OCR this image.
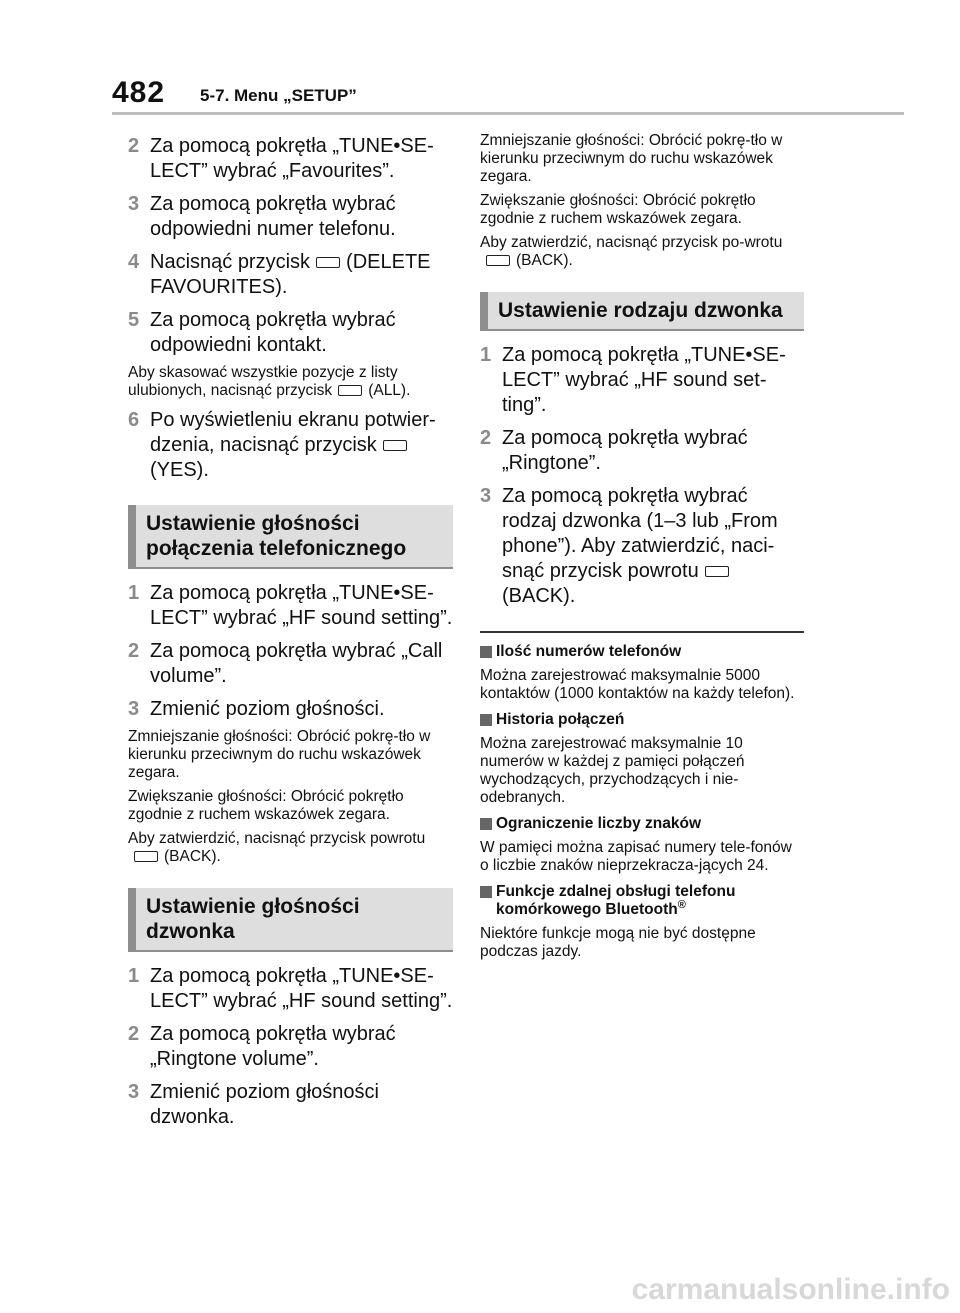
482 5-7. Menu „SETUP”
2 Za pomocą pokrętła „TUNE•SE-LECT” wybrać „Favourites”.
3 Za pomocą pokrętła wybrać odpowiedni numer telefonu.
4 Nacisnąć przycisk (DELETE FAVOURITES).
5 Za pomocą pokrętła wybrać odpowiedni kontakt.
Aby skasować wszystkie pozycje z listy ulubionych, nacisnąć przycisk (ALL).
6 Po wyświetleniu ekranu potwier-dzenia, nacisnąć przycisk(YES).
Ustawienie głośności połączenia telefonicznego
1 Za pomocą pokrętła „TUNE•SE-LECT” wybrać „HF sound setting”.
2 Za pomocą pokrętła wybrać „Call volume”.
3 Zmienić poziom głośności.
Zmniejszanie głośności: Obrócić pokrę-tło w kierunku przeciwnym do ruchu wskazówek zegara.
Zwiększanie głośności: Obrócić pokrętło zgodnie z ruchem wskazówek zegara.
Aby zatwierdzić, nacisnąć przycisk powrotu(BACK).
Ustawienie głośności dzwonka
1 Za pomocą pokrętła „TUNE•SE-LECT” wybrać „HF sound setting”.
2 Za pomocą pokrętła wybrać „Ringtone volume”.
3 Zmienić poziom głośności dzwonka.
Zmniejszanie głośności: Obrócić pokrę-tło w kierunku przeciwnym do ruchu wskazówek zegara.
Zwiększanie głośności: Obrócić pokrętło zgodnie z ruchem wskazówek zegara.
Aby zatwierdzić, nacisnąć przycisk po-wrotu(BACK).
Ustawienie rodzaju dzwonka
1 Za pomocą pokrętła „TUNE•SE-LECT” wybrać „HF sound set-ting”.
2 Za pomocą pokrętła wybrać „Ringtone”.
3 Za pomocą pokrętła wybrać rodzaj dzwonka (1–3 lub „From phone”). Aby zatwierdzić, naci-snąć przycisk powrotu(BACK).
Ilość numerów telefonów
Można zarejestrować maksymalnie 5000 kontaktów (1000 kontaktów na każdy telefon).
Historia połączeń
Można zarejestrować maksymalnie 10 numerów w każdej z pamięci połączeń wychodzących, przychodzących i nie-odebranych.
Ograniczenie liczby znaków
W pamięci można zapisać numery tele-fonów o liczbie znaków nieprzekracza-jących 24.
Funkcje zdalnej obsługi telefonu komórkowego Bluetooth®
Niektóre funkcje mogą nie być dostępne podczas jazdy.
carmanualsonline.info
